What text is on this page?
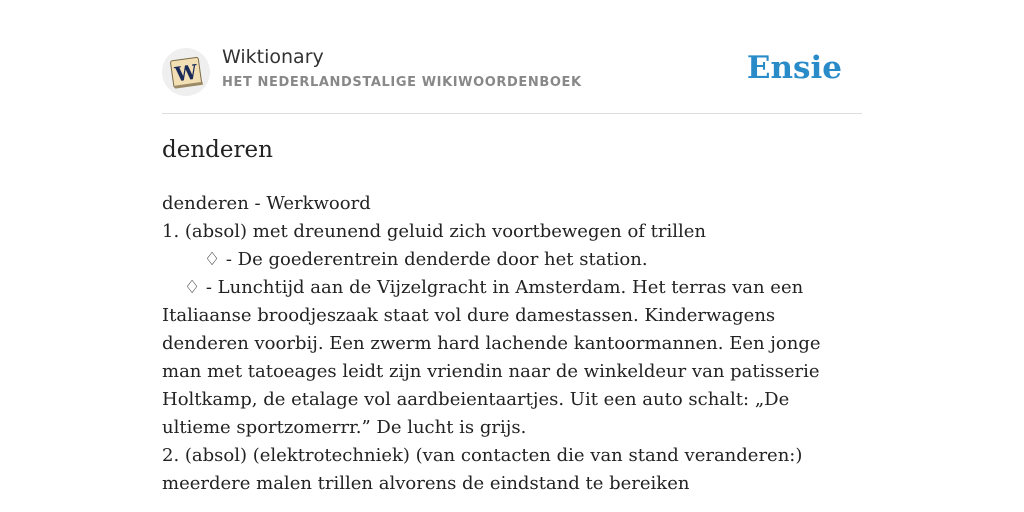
W
Wiktionary
HET NEDERLANDSTALIGE WIKIWOORDENBOEK	Ensie
denderen
denderen - Werkwoord
1. (absol) met dreunend geluid zich voortbewegen of trillen
♢ - De goederentrein denderde door het station.
♢ - Lunchtijd aan de Vijzelgracht in Amsterdam. Het terras van een Italiaanse broodjeszaak staat vol dure damestassen. Kinderwagens denderen voorbij. Een zwerm hard lachende kantoormannen. Een jonge man met tatoeages leidt zijn vriendin naar de winkeldeur van patisserie Holtkamp, de etalage vol aardbeientaartjes. Uit een auto schalt: „De ultieme sportzomerrr.” De lucht is grijs.
2. (absol) (elektrotechniek) (van contacten die van stand veranderen:) meerdere malen trillen alvorens de eindstand te bereiken
